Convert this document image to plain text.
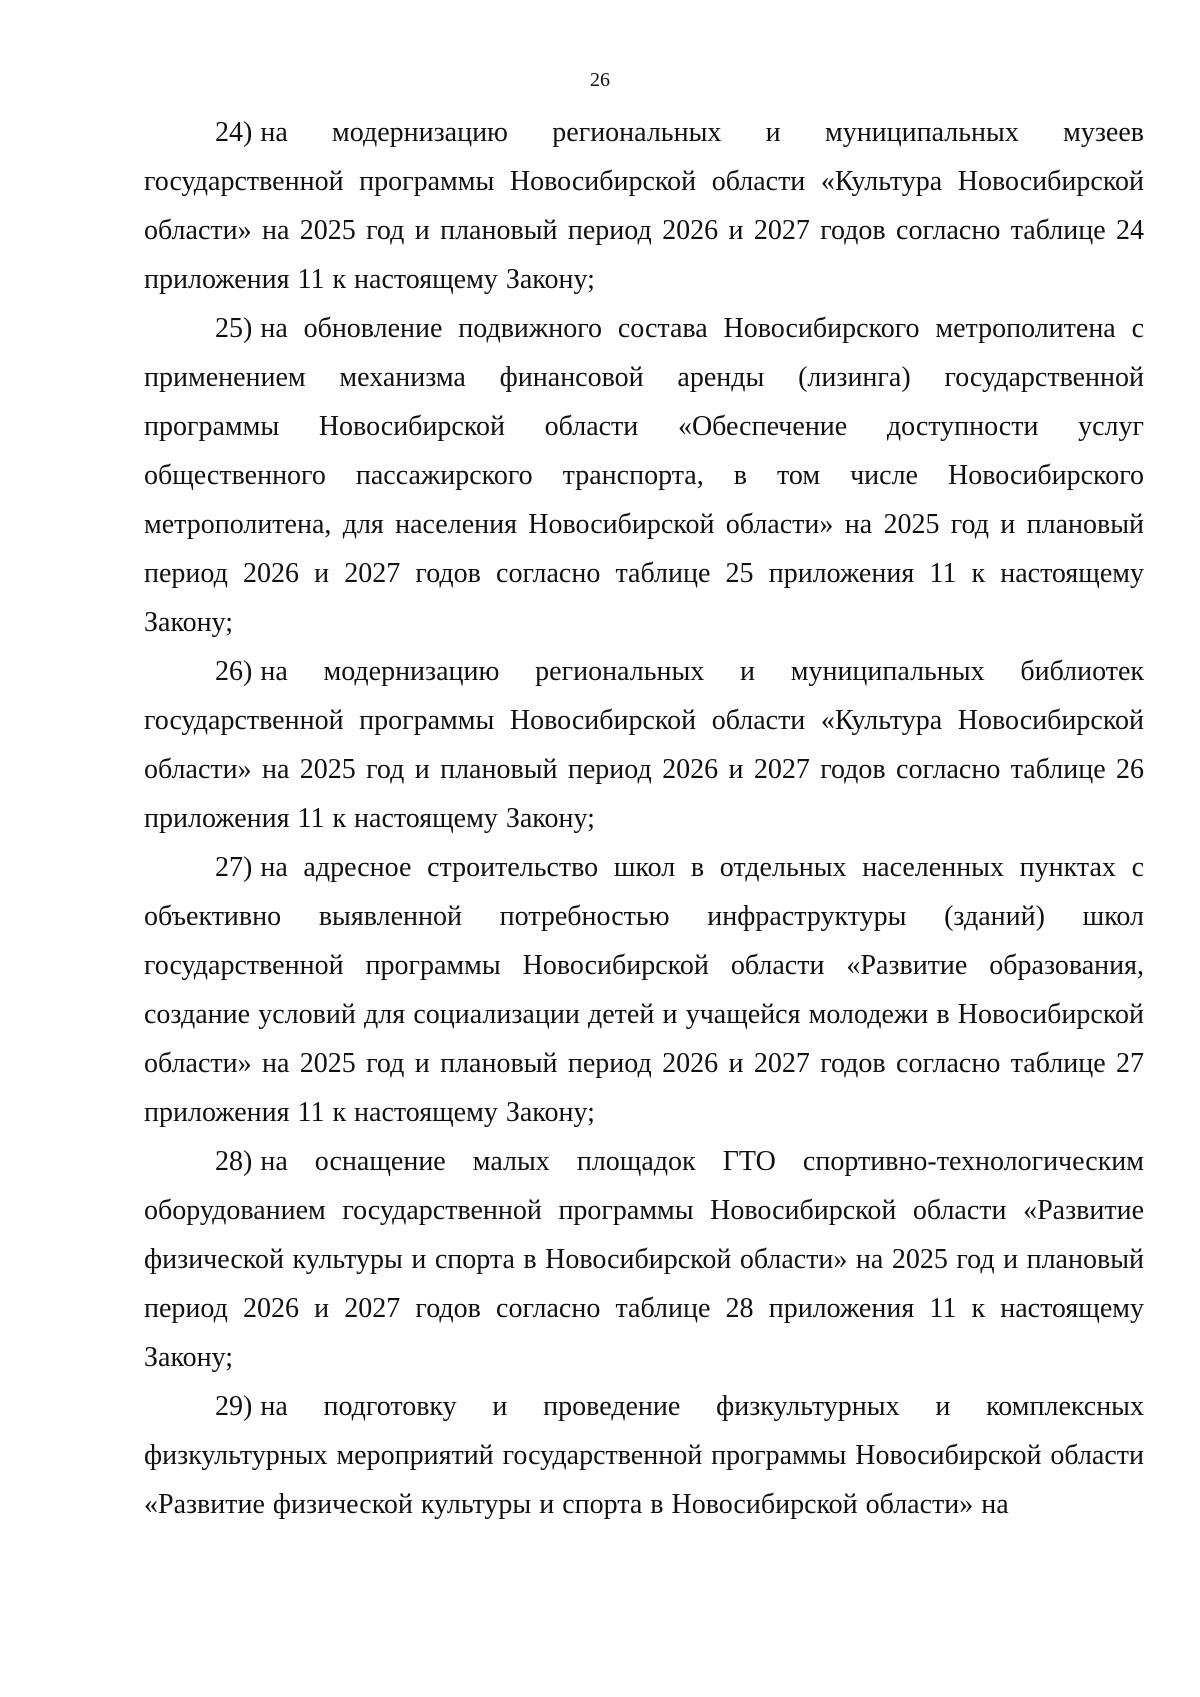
26

24) на модернизацию региональных и муниципальных музеев государственной программы Новосибирской области «Культура Новосибирской области» на 2025 год и плановый период 2026 и 2027 годов согласно таблице 24 приложения 11 к настоящему Закону;

25) на обновление подвижного состава Новосибирского метрополитена с применением механизма финансовой аренды (лизинга) государственной программы Новосибирской области «Обеспечение доступности услуг общественного пассажирского транспорта, в том числе Новосибирского метрополитена, для населения Новосибирской области» на 2025 год и плановый период 2026 и 2027 годов согласно таблице 25 приложения 11 к настоящему Закону;

26) на модернизацию региональных и муниципальных библиотек государственной программы Новосибирской области «Культура Новосибирской области» на 2025 год и плановый период 2026 и 2027 годов согласно таблице 26 приложения 11 к настоящему Закону;

27) на адресное строительство школ в отдельных населенных пунктах с объективно выявленной потребностью инфраструктуры (зданий) школ государственной программы Новосибирской области «Развитие образования, создание условий для социализации детей и учащейся молодежи в Новосибирской области» на 2025 год и плановый период 2026 и 2027 годов согласно таблице 27 приложения 11 к настоящему Закону;

28) на оснащение малых площадок ГТО спортивно-технологическим оборудованием государственной программы Новосибирской области «Развитие физической культуры и спорта в Новосибирской области» на 2025 год и плановый период 2026 и 2027 годов согласно таблице 28 приложения 11 к настоящему Закону;

29) на подготовку и проведение физкультурных и комплексных физкультурных мероприятий государственной программы Новосибирской области «Развитие физической культуры и спорта в Новосибирской области» на
